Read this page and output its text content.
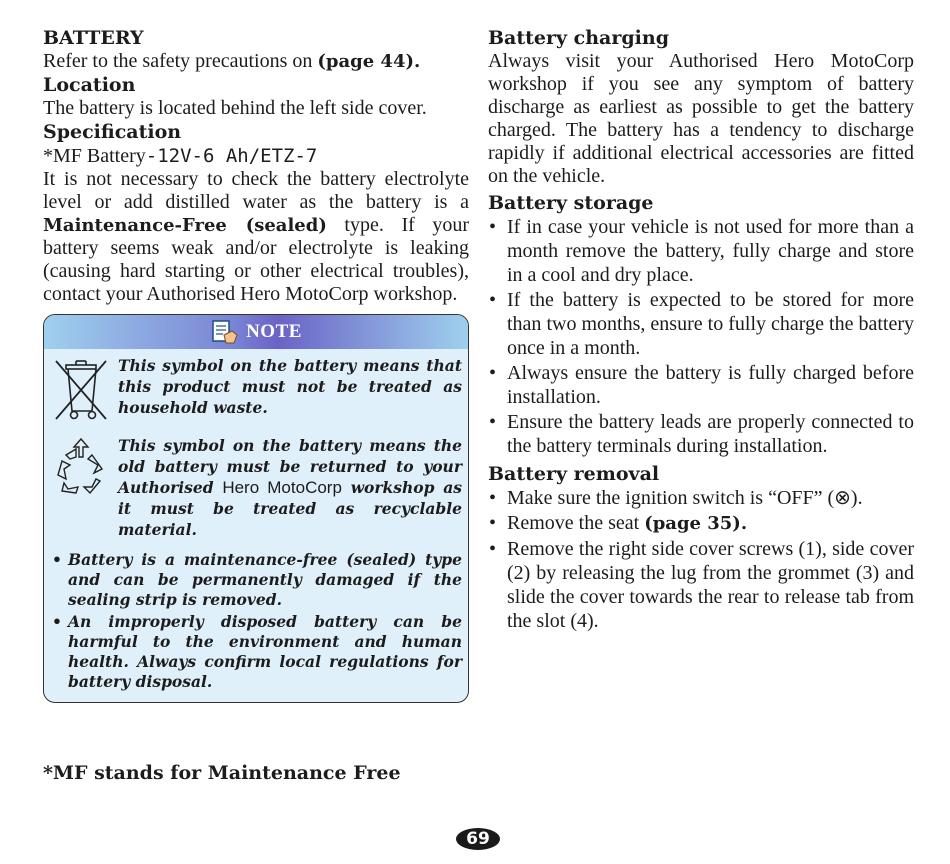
BATTERY

Refer to the safety precautions on (page 44).

Location

The battery is located behind the left side cover.

Specification

*MF Battery-12V-6 Ah/ETZ-7

It is not necessary to check the battery electrolyte level or add distilled water as the battery is a Maintenance-Free (sealed) type. If your battery seems weak and/or electrolyte is leaking (causing hard starting or other electrical troubles), contact your Authorised Hero MotoCorp workshop.

NOTE

This symbol on the battery means that this product must not be treated as household waste.

This symbol on the battery means the old battery must be returned to your Authorised Hero MotoCorp workshop as it must be treated as recyclable material.

• Battery is a maintenance-free (sealed) type and can be permanently damaged if the sealing strip is removed.
• An improperly disposed battery can be harmful to the environment and human health. Always confirm local regulations for battery disposal.
*MF stands for Maintenance Free

Battery charging

Always visit your Authorised Hero MotoCorp workshop if you see any symptom of battery discharge as earliest as possible to get the battery charged. The battery has a tendency to discharge rapidly if additional electrical accessories are fitted on the vehicle.

Battery storage

• If in case your vehicle is not used for more than a month remove the battery, fully charge and store in a cool and dry place.
• If the battery is expected to be stored for more than two months, ensure to fully charge the battery once in a month.
• Always ensure the battery is fully charged before installation.
• Ensure the battery leads are properly connected to the battery terminals during installation.

Battery removal

• Make sure the ignition switch is “OFF” (⊗).
• Remove the seat (page 35).
• Remove the right side cover screws (1), side cover (2) by releasing the lug from the grommet (3) and slide the cover towards the rear to release tab from the slot (4).
69
